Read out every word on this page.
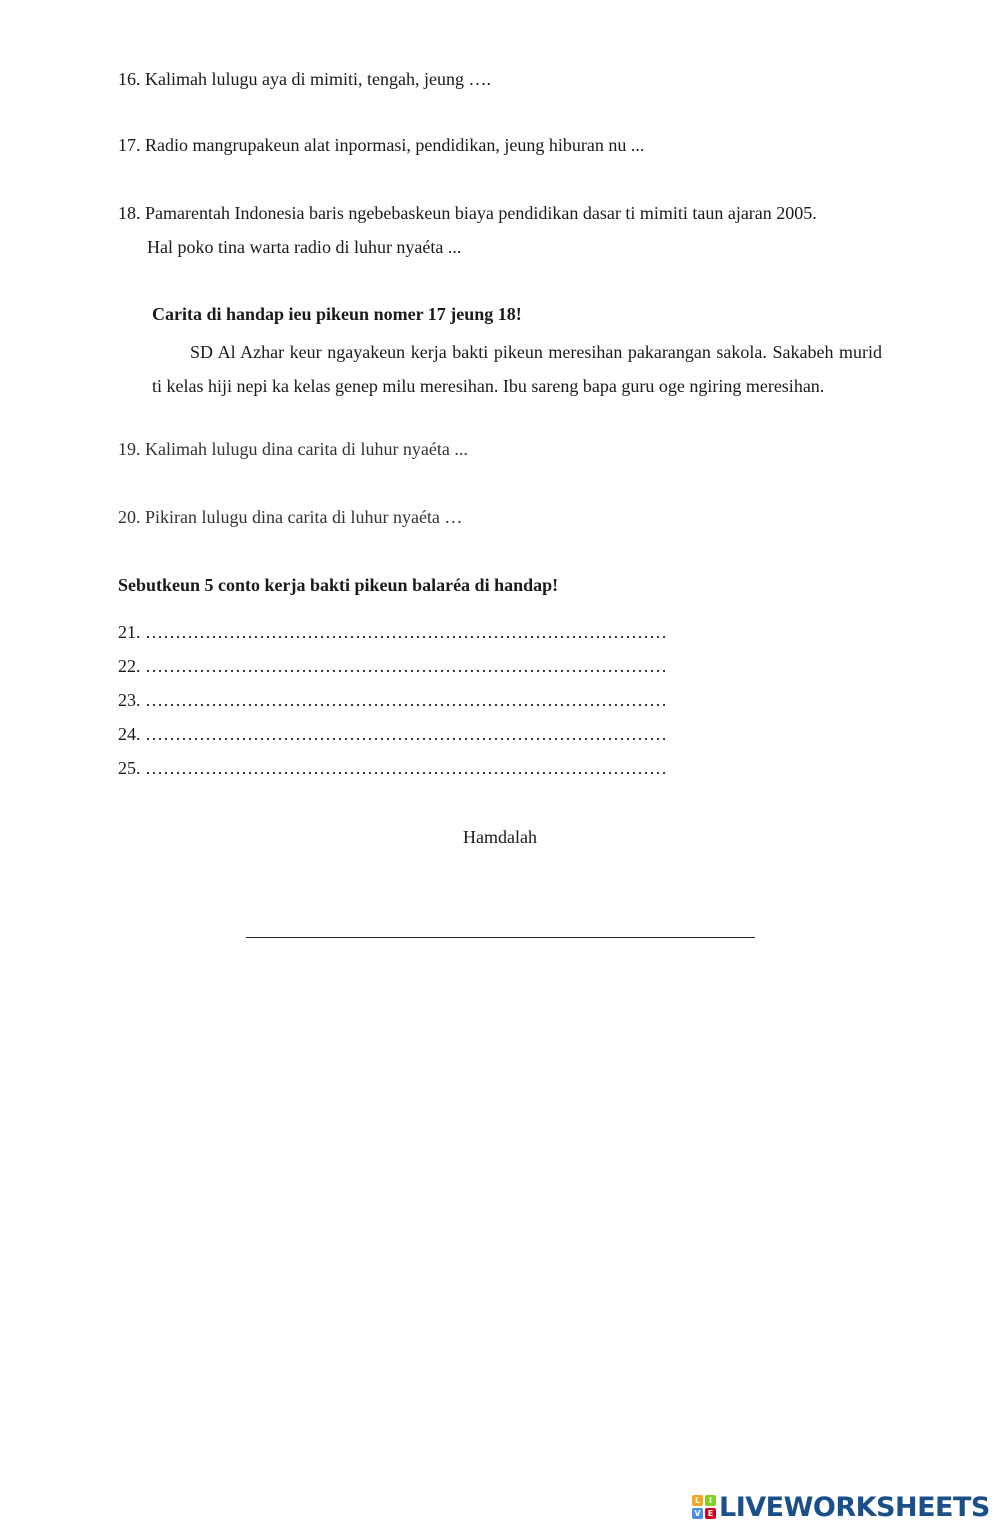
16. Kalimah lulugu aya di mimiti, tengah, jeung ….
17. Radio mangrupakeun alat inpormasi, pendidikan, jeung hiburan nu ...
18. Pamarentah Indonesia baris ngebebaskeun biaya pendidikan dasar ti mimiti taun ajaran 2005.
Hal poko tina warta radio di luhur nyaéta ...
Carita di handap ieu pikeun nomer 17 jeung 18!
SD Al Azhar keur ngayakeun kerja bakti pikeun meresihan pakarangan sakola. Sakabeh murid ti kelas hiji nepi ka kelas genep milu meresihan. Ibu sareng bapa guru oge ngiring meresihan.
19. Kalimah lulugu dina carita di luhur nyaéta ...
20. Pikiran lulugu dina carita di luhur nyaéta …
Sebutkeun 5 conto kerja bakti pikeun balaréa di handap!
21. ……………………………………………………………………………
22. ……………………………………………………………………………
23. ……………………………………………………………………………
24. ……………………………………………………………………………
25. ……………………………………………………………………………
Hamdalah
L	I
V E LIVEWORKSHEETS
